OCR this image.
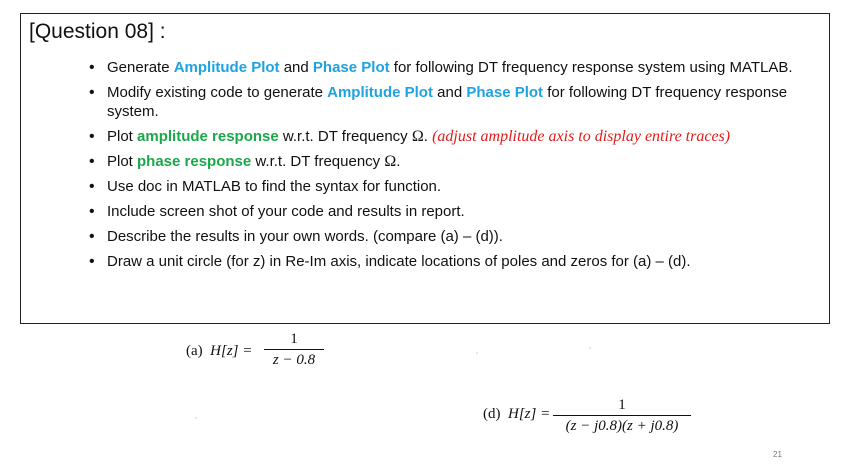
[Question 08] :
• Generate Amplitude Plot and Phase Plot for following DT frequency response system using MATLAB.
• Modify existing code to generate Amplitude Plot and Phase Plot for following DT frequency response system.
• Plot amplitude response w.r.t. DT frequency Ω. (adjust amplitude axis to display entire traces)
• Plot phase response w.r.t. DT frequency Ω.
• Use doc in MATLAB to find the syntax for function.
• Include screen shot of your code and results in report.
• Describe the results in your own words. (compare (a) – (d)).
• Draw a unit circle (for z) in Re-Im axis, indicate locations of poles and zeros for (a) – (d).
(a) H[z] =
1
z − 0.8
(d) H[z] =
1
(z − j0.8)(z + j0.8)
21
